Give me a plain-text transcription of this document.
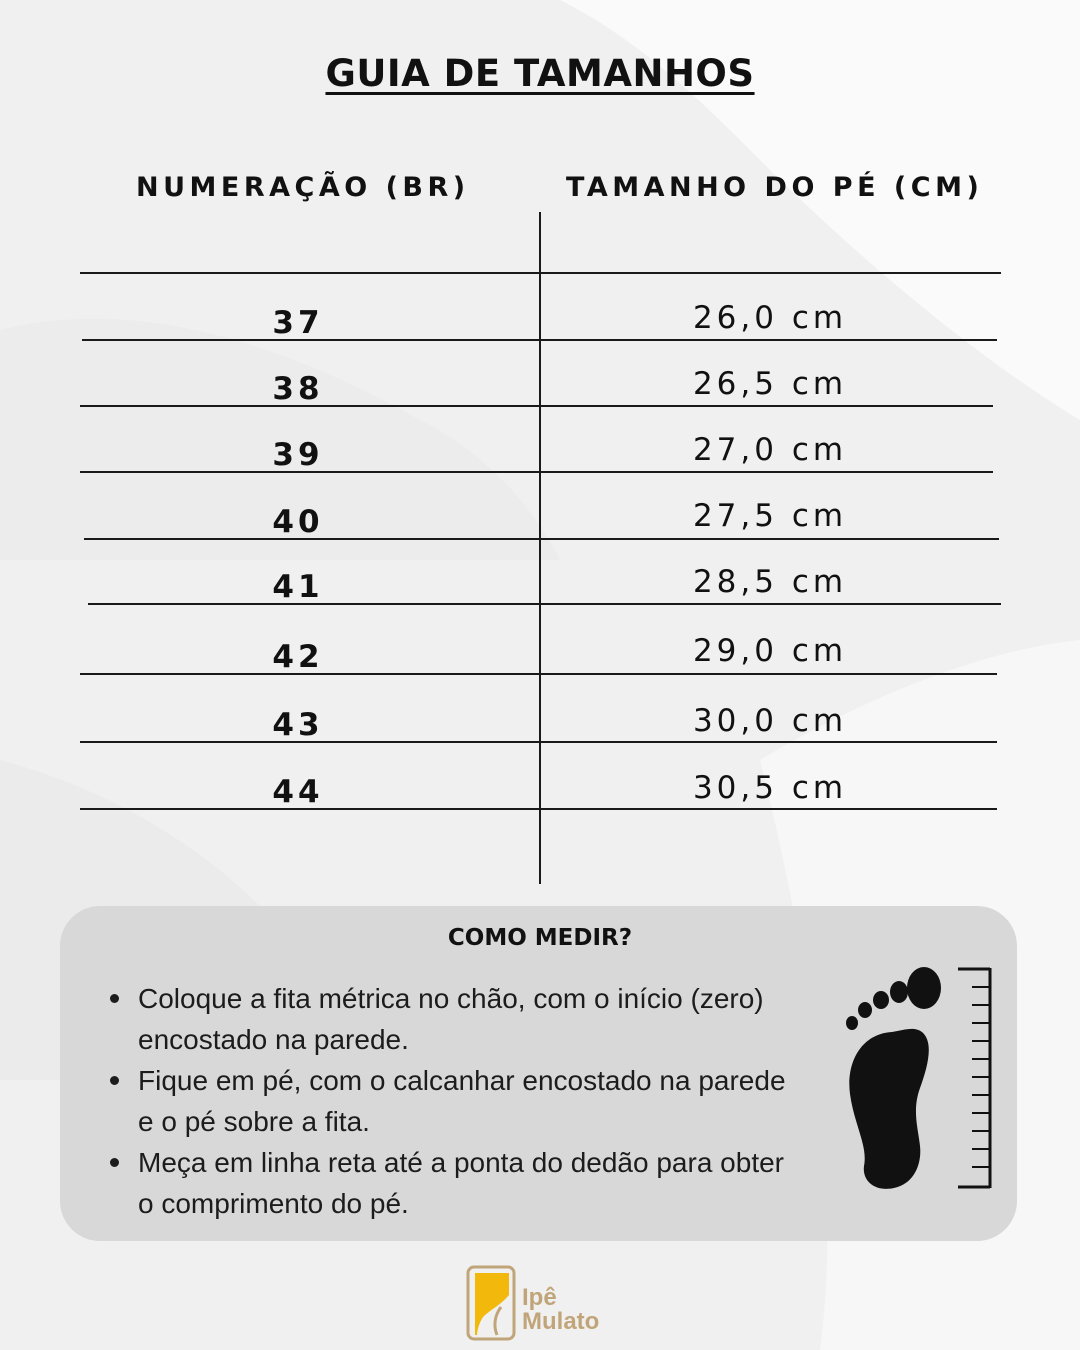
GUIA DE TAMANHOS
NUMERAÇÃO (BR)	TAMANHO DO PÉ (CM)
37	26,0 cm
38	26,5 cm
39	27,0 cm
40	27,5 cm
41	28,5 cm
42	29,0 cm
43	30,0 cm
44	30,5 cm
COMO MEDIR?
Coloque a fita métrica no chão, com o início (zero) encostado na parede.
Fique em pé, com o calcanhar encostado na parede e o pé sobre a fita.
Meça em linha reta até a ponta do dedão para obter o comprimento do pé.
Ipê
Mulato
